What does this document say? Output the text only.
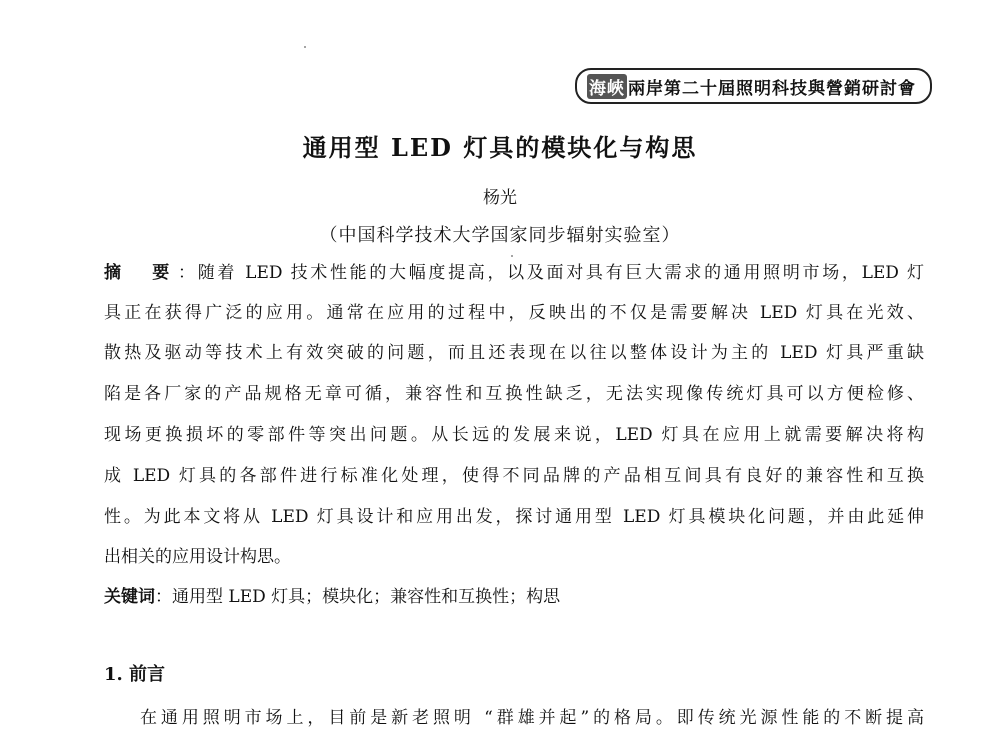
海峽 兩岸第二十屆照明科技與營銷研討會
通用型 LED 灯具的模块化与构思
杨光
（中国科学技术大学国家同步辐射实验室）
摘 要：随着 LED 技术性能的大幅度提高，以及面对具有巨大需求的通用照明市场，LED 灯
具正在获得广泛的应用。通常在应用的过程中，反映出的不仅是需要解决 LED 灯具在光效、
散热及驱动等技术上有效突破的问题，而且还表现在以往以整体设计为主的 LED 灯具严重缺
陷是各厂家的产品规格无章可循，兼容性和互换性缺乏，无法实现像传统灯具可以方便检修、
现场更换损坏的零部件等突出问题。从长远的发展来说，LED 灯具在应用上就需要解决将构
成 LED 灯具的各部件进行标准化处理，使得不同品牌的产品相互间具有良好的兼容性和互换
性。为此本文将从 LED 灯具设计和应用出发，探讨通用型 LED 灯具模块化问题，并由此延伸
出相关的应用设计构思。
关键词：通用型 LED 灯具；模块化；兼容性和互换性；构思
1. 前言
在通用照明市场上，目前是新老照明 “群雄并起”的格局。即传统光源性能的不断提高
